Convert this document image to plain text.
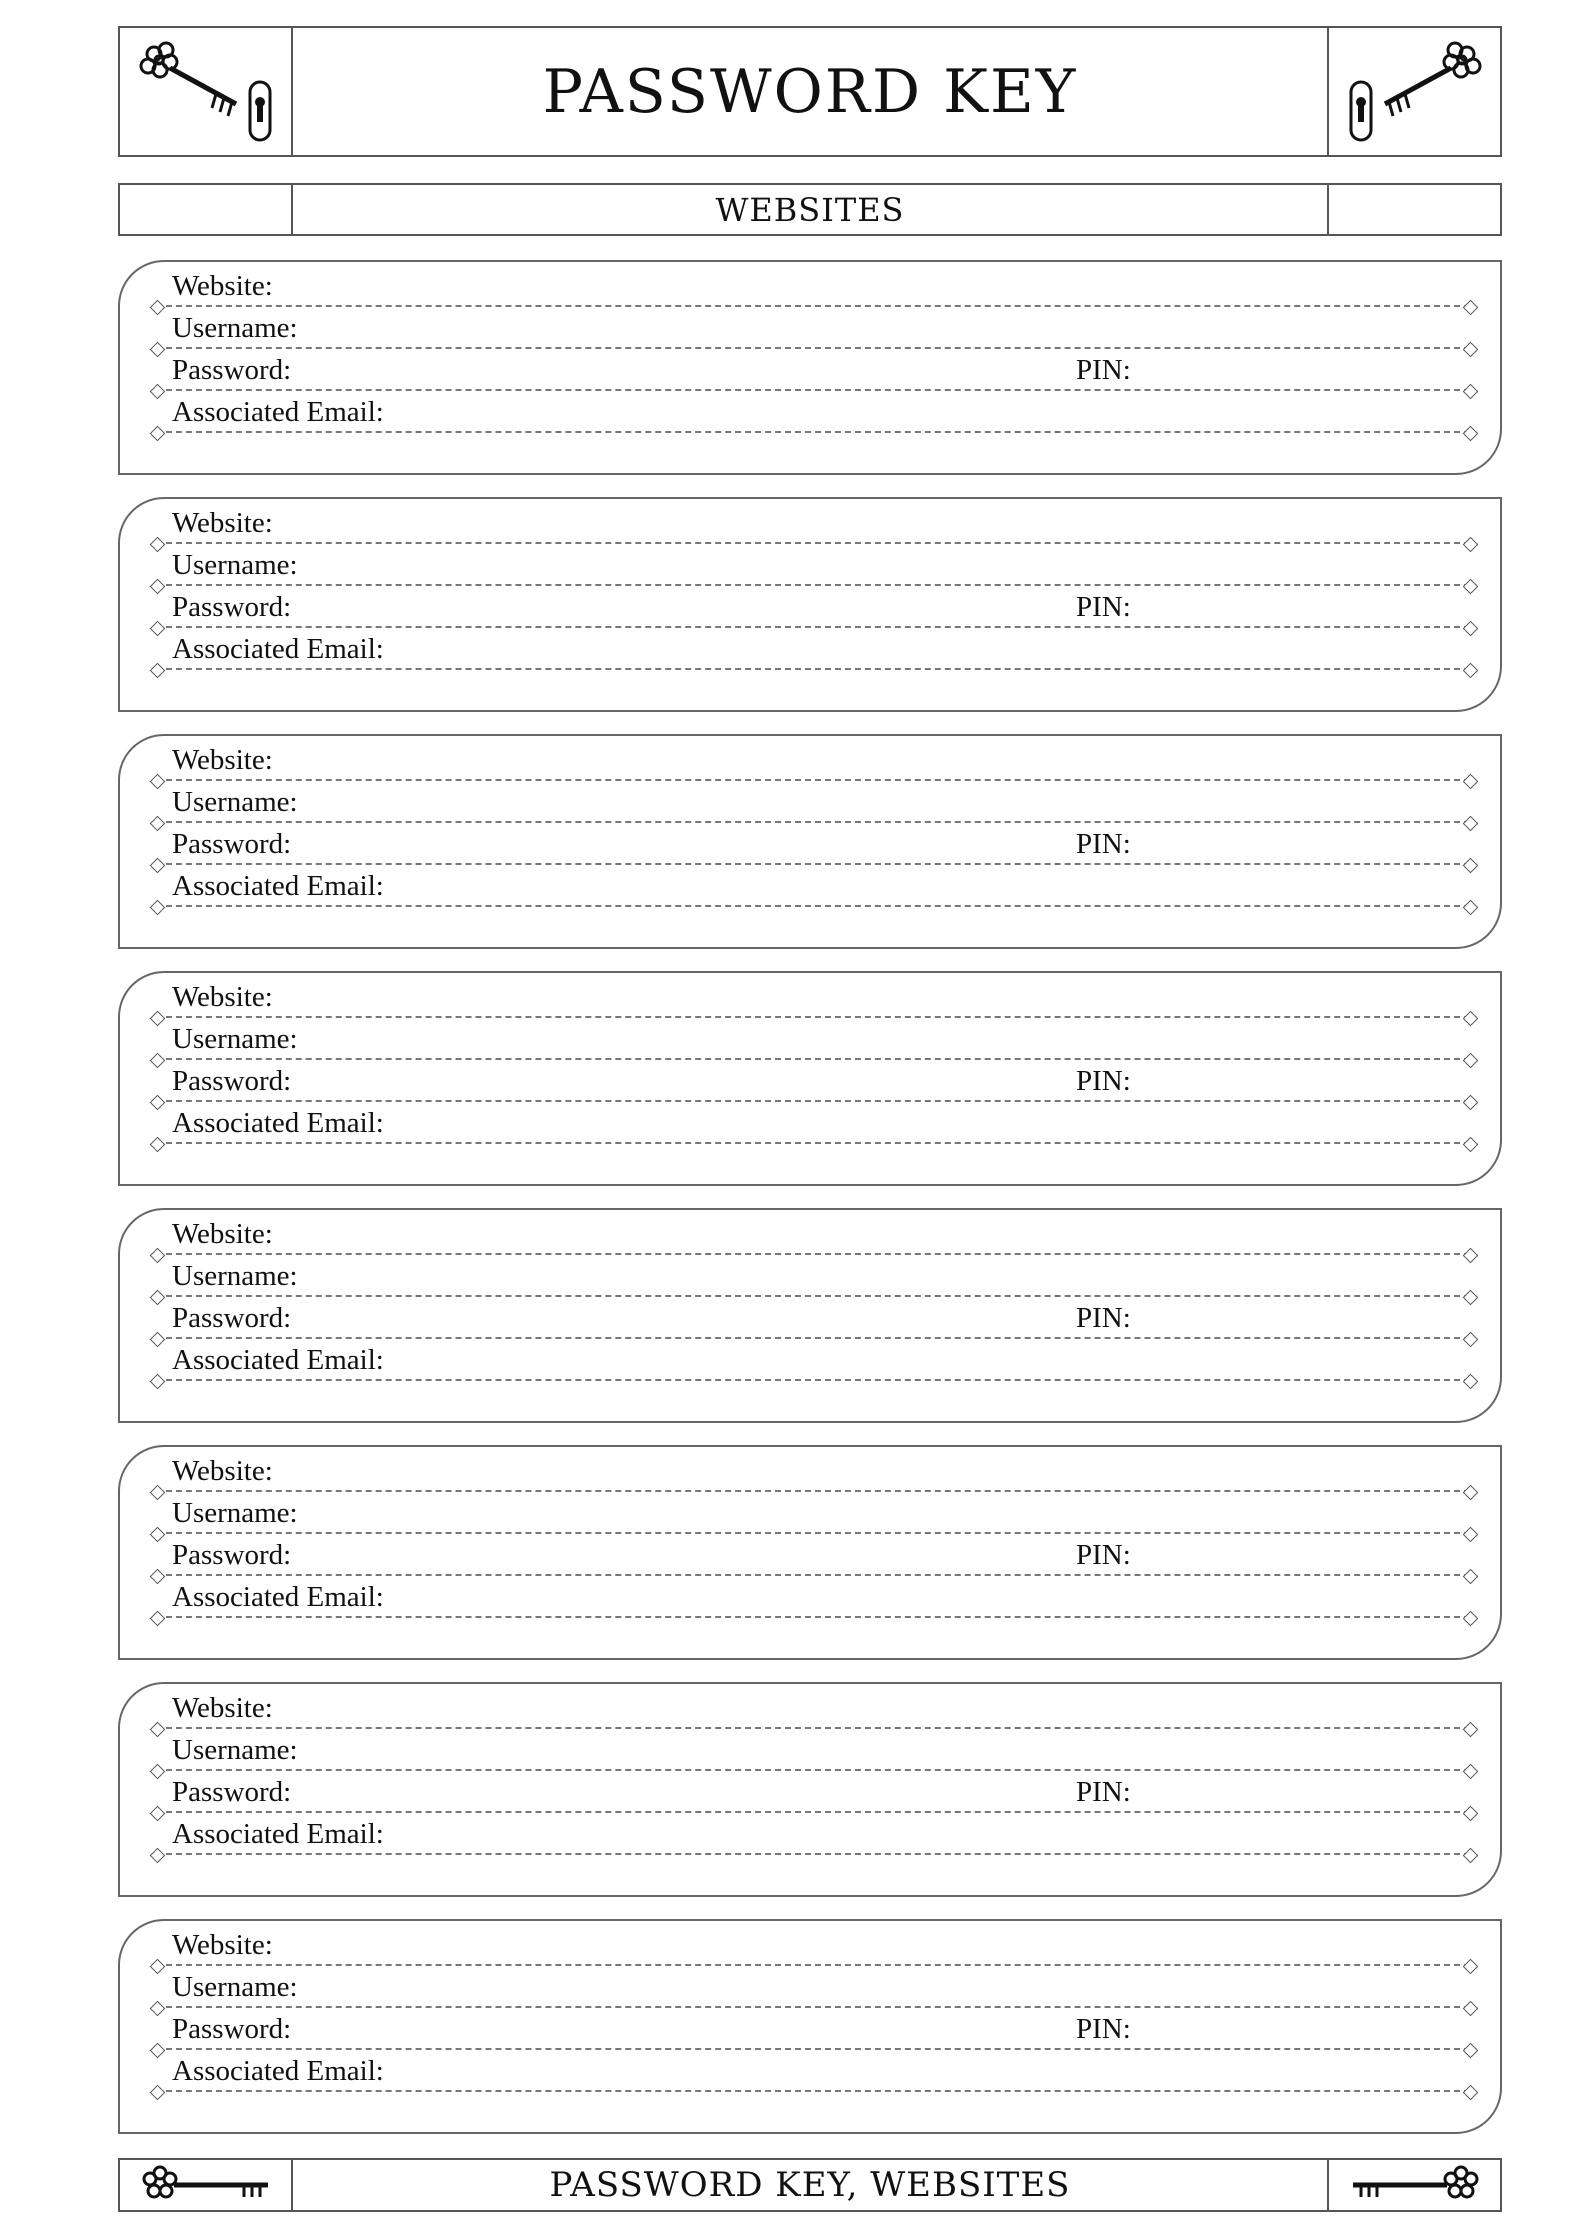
PASSWORD KEY
WEBSITES
Website:
Username:
Password:	PIN:
Associated Email:
Website:
Username:
Password:	PIN:
Associated Email:
Website:
Username:
Password:	PIN:
Associated Email:
Website:
Username:
Password:	PIN:
Associated Email:
Website:
Username:
Password:	PIN:
Associated Email:
Website:
Username:
Password:	PIN:
Associated Email:
Website:
Username:
Password:	PIN:
Associated Email:
Website:
Username:
Password:	PIN:
Associated Email:
PASSWORD KEY, WEBSITES
